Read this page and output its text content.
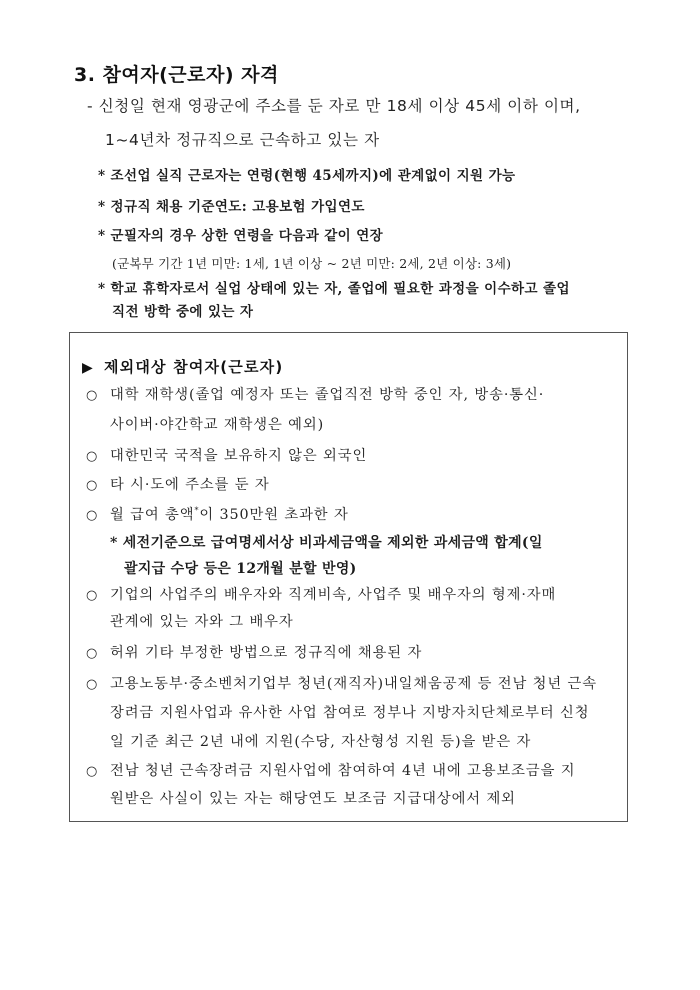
3. 참여자(근로자) 자격
- 신청일 현재 영광군에 주소를 둔 자로 만 18세 이상 45세 이하 이며,
1~4년차 정규직으로 근속하고 있는 자
* 조선업 실직 근로자는 연령(현행 45세까지)에 관계없이 지원 가능
* 정규직 채용 기준연도: 고용보험 가입연도
* 군필자의 경우 상한 연령을 다음과 같이 연장
(군복무 기간 1년 미만: 1세, 1년 이상 ~ 2년 미만: 2세, 2년 이상: 3세)
* 학교 휴학자로서 실업 상태에 있는 자, 졸업에 필요한 과정을 이수하고 졸업
직전 방학 중에 있는 자
▶ 제외대상 참여자(근로자)
○ 대학 재학생(졸업 예정자 또는 졸업직전 방학 중인 자, 방송·통신·
사이버·야간학교 재학생은 예외)
○ 대한민국 국적을 보유하지 않은 외국인
○ 타 시·도에 주소를 둔 자
○ 월 급여 총액*이 350만원 초과한 자
* 세전기준으로 급여명세서상 비과세금액을 제외한 과세금액 합계(일
괄지급 수당 등은 12개월 분할 반영)
○ 기업의 사업주의 배우자와 직계비속, 사업주 및 배우자의 형제·자매
관계에 있는 자와 그 배우자
○ 허위 기타 부정한 방법으로 정규직에 채용된 자
○ 고용노동부·중소벤처기업부 청년(재직자)내일채움공제 등 전남 청년 근속
장려금 지원사업과 유사한 사업 참여로 정부나 지방자치단체로부터 신청
일 기준 최근 2년 내에 지원(수당, 자산형성 지원 등)을 받은 자
○ 전남 청년 근속장려금 지원사업에 참여하여 4년 내에 고용보조금을 지
원받은 사실이 있는 자는 해당연도 보조금 지급대상에서 제외
